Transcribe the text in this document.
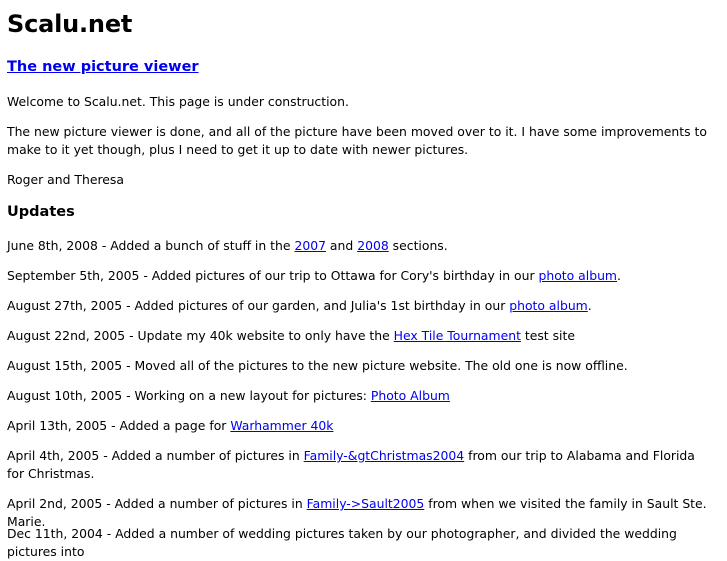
Scalu.net
The new picture viewer

Welcome to Scalu.net. This page is under construction.

The new picture viewer is done, and all of the picture have been moved over to it. I have some improvements to make to it yet though, plus I need to get it up to date with newer pictures.

Roger and Theresa

Updates

June 8th, 2008 - Added a bunch of stuff in the 2007 and 2008 sections.

September 5th, 2005 - Added pictures of our trip to Ottawa for Cory's birthday in our photo album.

August 27th, 2005 - Added pictures of our garden, and Julia's 1st birthday in our photo album.

August 22nd, 2005 - Update my 40k website to only have the Hex Tile Tournament test site

August 15th, 2005 - Moved all of the pictures to the new picture website. The old one is now offline.

August 10th, 2005 - Working on a new layout for pictures: Photo Album

April 13th, 2005 - Added a page for Warhammer 40k

April 4th, 2005 - Added a number of pictures in Family-&gtChristmas2004 from our trip to Alabama and Florida for Christmas.

April 2nd, 2005 - Added a number of pictures in Family->Sault2005 from when we visited the family in Sault Ste. Marie.

Dec 11th, 2004 - Added a number of wedding pictures taken by our photographer, and divided the wedding pictures into
